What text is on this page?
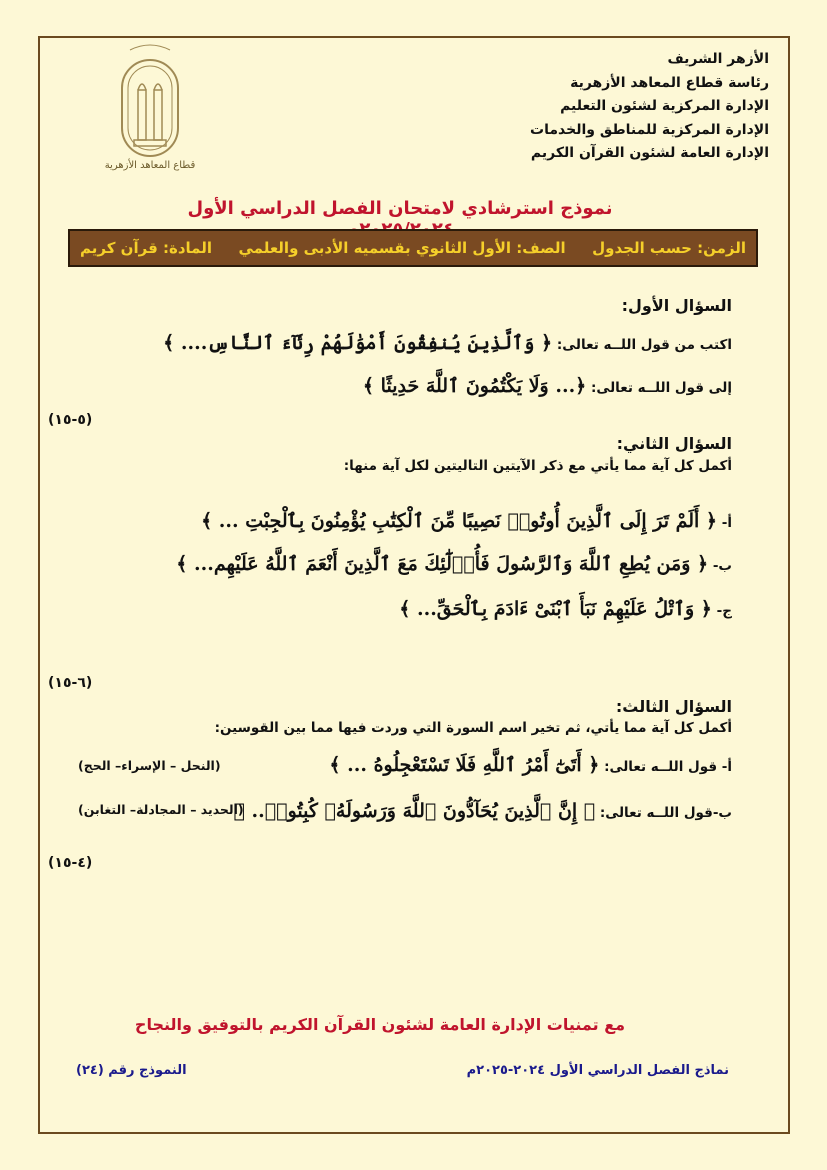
قطاع المعاهد الأزهرية
الأزهر الشريف
رئاسة قطاع المعاهد الأزهرية
الإدارة المركزية لشئون التعليم
الإدارة المركزية للمناطق والخدمات
الإدارة العامة لشئون القرآن الكريم
نموذج استرشادي لامتحان الفصل الدراسي الأول
المادة: قرآن كريم الصف: الأول الثانوي بقسميه الأدبى والعلمي الزمن: حسب الجدول
السؤال الأول:
اكتب من قول اللــه تعالى: ﴿ وَٱلَّذِينَ يُنفِقُونَ أَمْوَٰلَهُمْ رِئَآءَ ٱلنَّاسِ.... ﴾
إلى قول اللــه تعالى: ﴿... وَلَا يَكْتُمُونَ ٱللَّهَ حَدِيثًا ﴾
(٥-١٥)
السؤال الثاني:
أكمل كل آية مما يأتي مع ذكر الآيتين التاليتين لكل آية منها:
أ- ﴿ أَلَمْ تَرَ إِلَى ٱلَّذِينَ أُوتُوا۟ نَصِيبًا مِّنَ ٱلْكِتَٰبِ يُؤْمِنُونَ بِٱلْجِبْتِ ... ﴾
ب- ﴿ وَمَن يُطِعِ ٱللَّهَ وَٱلرَّسُولَ فَأُو۟لَٰٓئِكَ مَعَ ٱلَّذِينَ أَنْعَمَ ٱللَّهُ عَلَيْهِم... ﴾
ج- ﴿ وَٱتْلُ عَلَيْهِمْ نَبَأَ ٱبْنَىْ ءَادَمَ بِٱلْحَقِّ... ﴾
(٦-١٥)
السؤال الثالث:
أكمل كل آية مما يأتي، ثم تخير اسم السورة التي وردت فيها مما بين القوسين:
أ- قول اللــه تعالى: ﴿ أَتَىٰٓ أَمْرُ ٱللَّهِ فَلَا تَسْتَعْجِلُوهُ ... ﴾
(النحل – الإسراء– الحج)
ب-قول اللــه تعالى: ﴿ إِنَّ ٱلَّذِينَ يُحَآدُّونَ ٱللَّهَ وَرَسُولَهُۥ كُبِتُوا۟.. ﴾
(الحديد – المجادلة– التغابن)
(٤-١٥)
مع تمنيات الإدارة العامة لشئون القرآن الكريم بالتوفيق والنجاح
النموذج رقم (٢٤)	نماذج الفصل الدراسي الأول ٢٠٢٤-٢٠٢٥م
